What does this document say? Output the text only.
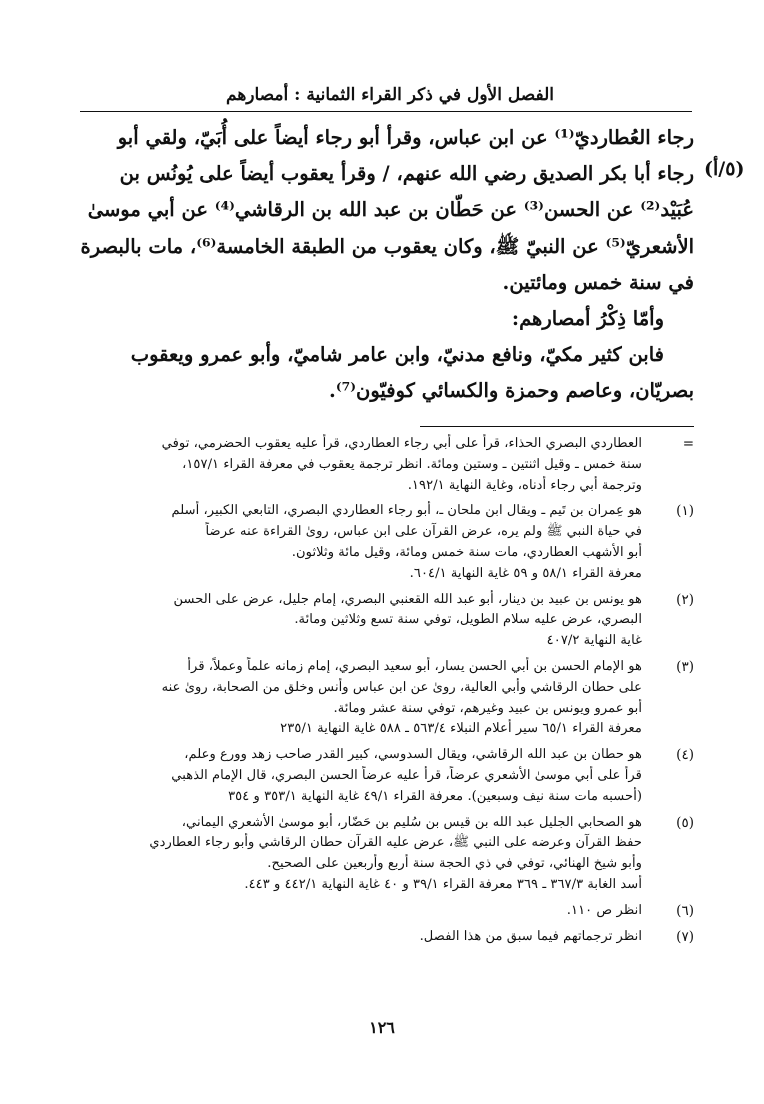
الفصل الأول في ذكر القراء الثمانية : أمصارهم
(٥/أ)

رجاء العُطارديّ⁽¹⁾ عن ابن عباس، وقرأ أبو رجاء أيضاً على أُبَيّ، ولقي أبو

رجاء أبا بكر الصديق رضي الله عنهم، / وقرأ يعقوب أيضاً على يُونُس بن

عُبَيْد⁽²⁾ عن الحسن⁽³⁾ عن حَطّان بن عبد الله بن الرقاشي⁽⁴⁾ عن أبي موسىٰ

الأشعريّ⁽⁵⁾ عن النبيّ ﷺ، وكان يعقوب من الطبقة الخامسة⁽⁶⁾، مات بالبصرة

في سنة خمس ومائتين.

وأمّا ذِكْرُ أمصارهم:

فابن كثير مكيّ، ونافع مدنيّ، وابن عامر شاميّ، وأبو عمرو ويعقوب

بصريّان، وعاصم وحمزة والكسائي كوفيّون⁽⁷⁾.

=
العطاردي البصري الحذاء، قرأ على أبي رجاء العطاردي، قرأ عليه يعقوب الحضرمي، توفي
سنة خمس ـ وقيل اثنتين ـ وستين ومائة. انظر ترجمة يعقوب في معرفة القراء ١٥٧/١،
وترجمة أبي رجاء أدناه، وغاية النهاية ١٩٢/١.
(١)
هو عِمران بن تَيم ـ ويقال ابن ملحان ـ، أبو رجاء العطاردي البصري، التابعي الكبير، أسلم
في حياة النبي ﷺ ولم يره، عرض القرآن على ابن عباس، روىٰ القراءة عنه عرضاً
أبو الأشهب العطاردي، مات سنة خمس ومائة، وقيل مائة وثلاثون.
معرفة القراء ٥٨/١ و ٥٩ غاية النهاية ٦٠٤/١.
(٢)
هو يونس بن عبيد بن دينار، أبو عبد الله القعنبي البصري، إمام جليل، عرض على الحسن
البصري، عرض عليه سلام الطويل، توفي سنة تسع وثلاثين ومائة.
غاية النهاية ٤٠٧/٢
(٣)
هو الإمام الحسن بن أبي الحسن يسار، أبو سعيد البصري، إمام زمانه علماً وعملاً، قرأ
على حطان الرقاشي وأبي العالية، روىٰ عن ابن عباس وأنس وخلق من الصحابة، روىٰ عنه
أبو عمرو ويونس بن عبيد وغيرهم، توفي سنة عشر ومائة.
معرفة القراء ٦٥/١ سير أعلام النبلاء ٥٦٣/٤ ـ ٥٨٨ غاية النهاية ٢٣٥/١
(٤)
هو حطان بن عبد الله الرقاشي، ويقال السدوسي، كبير القدر صاحب زهد وورع وعلم،
قرأ على أبي موسىٰ الأشعري عرضاً، قرأ عليه عرضاً الحسن البصري، قال الإمام الذهبي
(أحسبه مات سنة نيف وسبعين). معرفة القراء ٤٩/١ غاية النهاية ٣٥٣/١ و ٣٥٤
(٥)
هو الصحابي الجليل عبد الله بن قيس بن سُليم بن حَضّار، أبو موسىٰ الأشعري اليماني،
حفظ القرآن وعرضه على النبي ﷺ، عرض عليه القرآن حطان الرقاشي وأبو رجاء العطاردي
وأبو شيخ الهنائي، توفي في ذي الحجة سنة أربع وأربعين على الصحيح.
أسد الغابة ٣٦٧/٣ ـ ٣٦٩ معرفة القراء ٣٩/١ و ٤٠ غاية النهاية ٤٤٢/١ و ٤٤٣.
(٦)
انظر ص ١١٠.
(٧)
انظر ترجماتهم فيما سبق من هذا الفصل.
١٢٦
